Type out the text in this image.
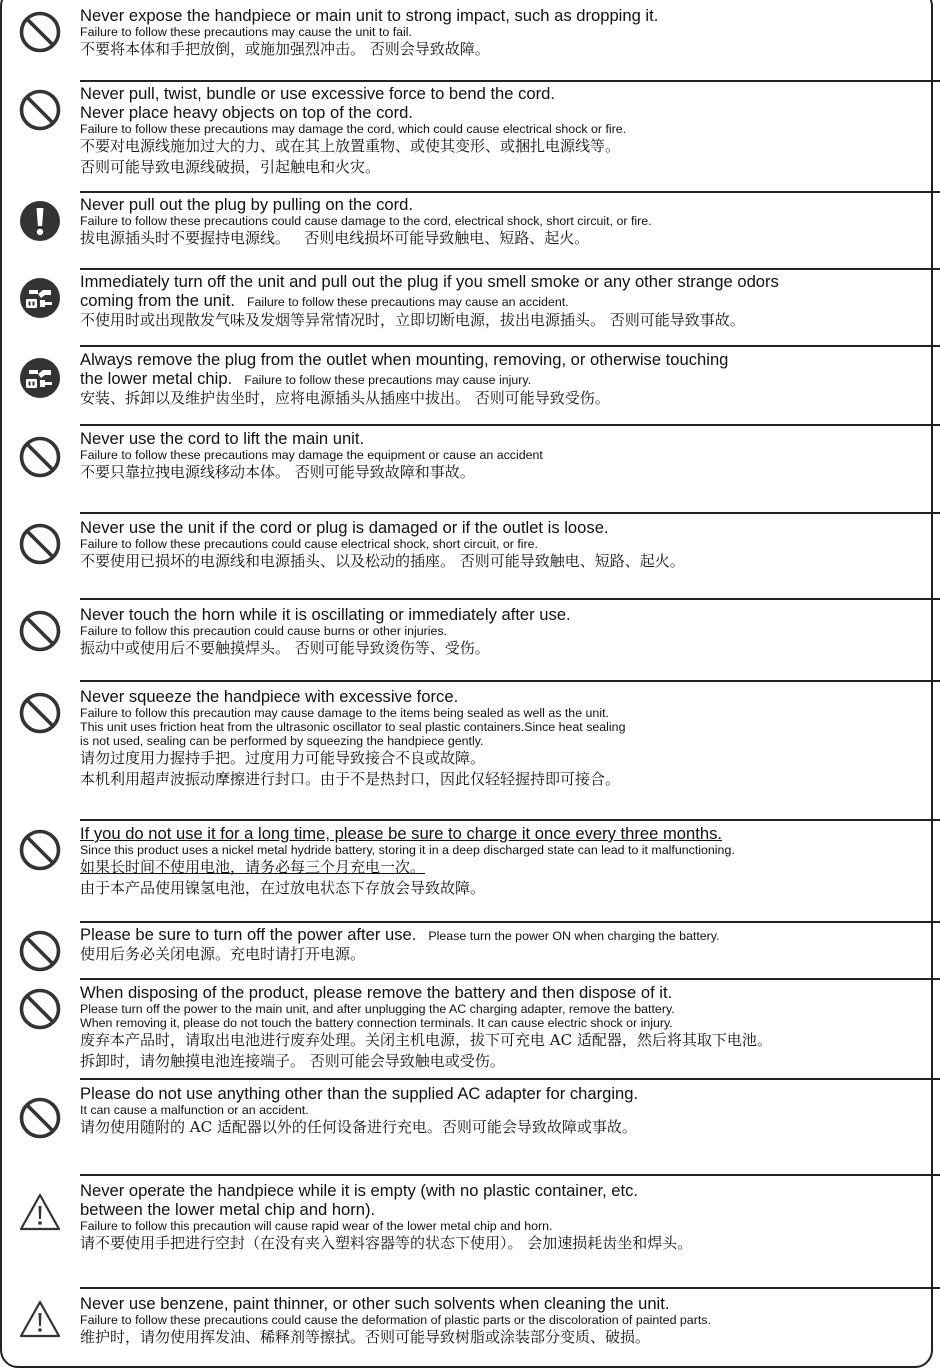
Never expose the handpiece or main unit to strong impact, such as dropping it.
Failure to follow these precautions may cause the unit to fail.
不要将本体和手把放倒，或施加强烈冲击。 否则会导致故障。
Never pull, twist, bundle or use excessive force to bend the cord.
Never place heavy objects on top of the cord.
Failure to follow these precautions may damage the cord, which could cause electrical shock or fire.
不要对电源线施加过大的力、或在其上放置重物、或使其变形、或捆扎电源线等。
否则可能导致电源线破损，引起触电和火灾。
Never pull out the plug by pulling on the cord.
Failure to follow these precautions could cause damage to the cord, electrical shock, short circuit, or fire.
拔电源插头时不要握持电源线。   否则电线损坏可能导致触电、短路、起火。
Immediately turn off the unit and pull out the plug if you smell smoke or any other strange odors
coming from the unit. Failure to follow these precautions may cause an accident.
不使用时或出现散发气味及发烟等异常情况时，立即切断电源，拔出电源插头。 否则可能导致事故。
Always remove the plug from the outlet when mounting, removing, or otherwise touching
the lower metal chip. Failure to follow these precautions may cause injury.
安装、拆卸以及维护齿坐时，应将电源插头从插座中拔出。 否则可能导致受伤。
Never use the cord to lift the main unit.
Failure to follow these precautions may damage the equipment or cause an accident
不要只靠拉拽电源线移动本体。 否则可能导致故障和事故。
Never use the unit if the cord or plug is damaged or if the outlet is loose.
Failure to follow these precautions could cause electrical shock, short circuit, or fire.
不要使用已损坏的电源线和电源插头、以及松动的插座。 否则可能导致触电、短路、起火。
Never touch the horn while it is oscillating or immediately after use.
Failure to follow this precaution could cause burns or other injuries.
振动中或使用后不要触摸焊头。 否则可能导致烫伤等、受伤。
Never squeeze the handpiece with excessive force.
Failure to follow this precaution may cause damage to the items being sealed as well as the unit.
This unit uses friction heat from the ultrasonic oscillator to seal plastic containers.Since heat sealing
is not used, sealing can be performed by squeezing the handpiece gently.
请勿过度用力握持手把。过度用力可能导致接合不良或故障。
本机利用超声波振动摩擦进行封口。由于不是热封口，因此仅轻轻握持即可接合。
If you do not use it for a long time, please be sure to charge it once every three months.
Since this product uses a nickel metal hydride battery, storing it in a deep discharged state can lead to it malfunctioning.
如果长时间不使用电池，请务必每三个月充电一次。
由于本产品使用镍氢电池，在过放电状态下存放会导致故障。
Please be sure to turn off the power after use. Please turn the power ON when charging the battery.
使用后务必关闭电源。充电时请打开电源。
When disposing of the product, please remove the battery and then dispose of it.
Please turn off the power to the main unit, and after unplugging the AC charging adapter, remove the battery.
When removing it, please do not touch the battery connection terminals. It can cause electric shock or injury.
废弃本产品时，请取出电池进行废弃处理。关闭主机电源，拔下可充电 AC 适配器，然后将其取下电池。
拆卸时，请勿触摸电池连接端子。 否则可能会导致触电或受伤。
Please do not use anything other than the supplied AC adapter for charging.
It can cause a malfunction or an accident.
请勿使用随附的 AC 适配器以外的任何设备进行充电。否则可能会导致故障或事故。
Never operate the handpiece while it is empty (with no plastic container, etc.
between the lower metal chip and horn).
Failure to follow this precaution will cause rapid wear of the lower metal chip and horn.
请不要使用手把进行空封（在没有夹入塑料容器等的状态下使用）。 会加速损耗齿坐和焊头。
Never use benzene, paint thinner, or other such solvents when cleaning the unit.
Failure to follow these precautions could cause the deformation of plastic parts or the discoloration of painted parts.
维护时，请勿使用挥发油、稀释剂等擦拭。否则可能导致树脂或涂装部分变质、破损。
